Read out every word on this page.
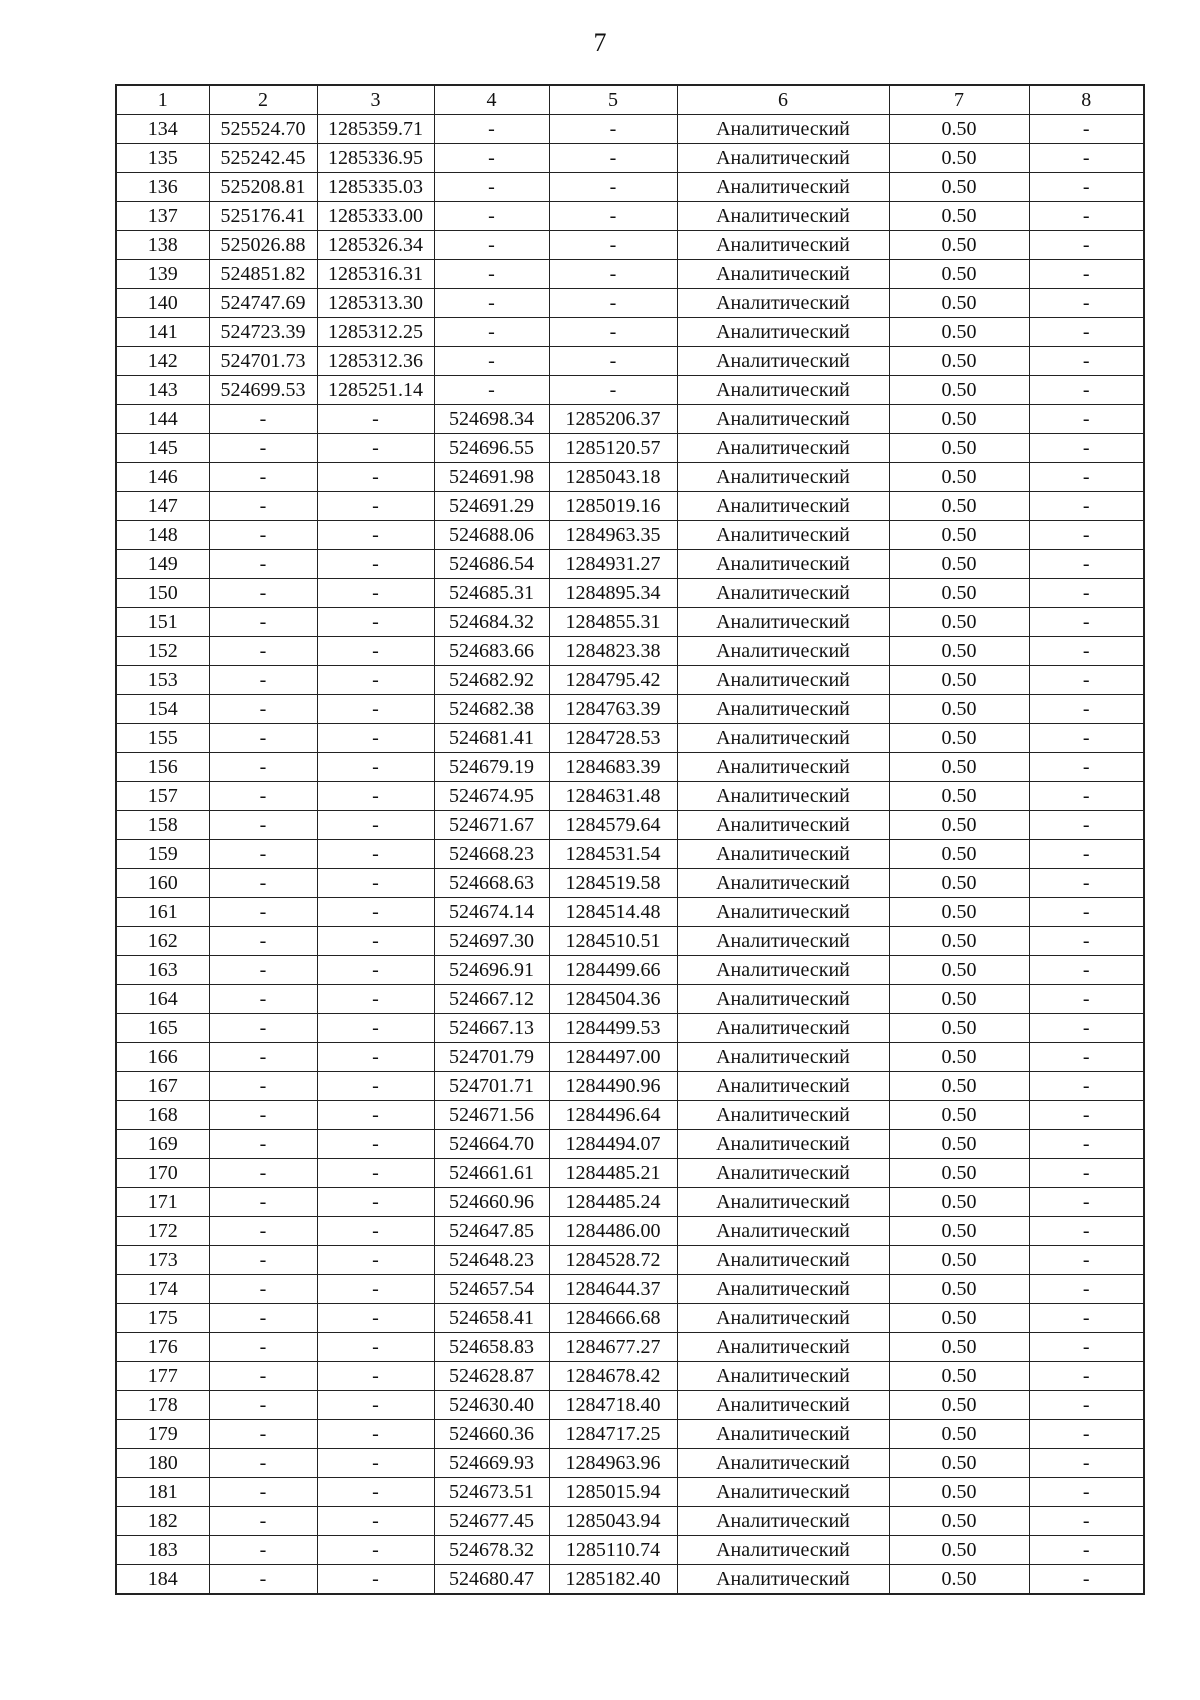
7
1	2	3	4	5	6	7	8
134	525524.70	1285359.71	-	-	Аналитический	0.50	-
135	525242.45	1285336.95	-	-	Аналитический	0.50	-
136	525208.81	1285335.03	-	-	Аналитический	0.50	-
137	525176.41	1285333.00	-	-	Аналитический	0.50	-
138	525026.88	1285326.34	-	-	Аналитический	0.50	-
139	524851.82	1285316.31	-	-	Аналитический	0.50	-
140	524747.69	1285313.30	-	-	Аналитический	0.50	-
141	524723.39	1285312.25	-	-	Аналитический	0.50	-
142	524701.73	1285312.36	-	-	Аналитический	0.50	-
143	524699.53	1285251.14	-	-	Аналитический	0.50	-
144	-	-	524698.34	1285206.37	Аналитический	0.50	-
145	-	-	524696.55	1285120.57	Аналитический	0.50	-
146	-	-	524691.98	1285043.18	Аналитический	0.50	-
147	-	-	524691.29	1285019.16	Аналитический	0.50	-
148	-	-	524688.06	1284963.35	Аналитический	0.50	-
149	-	-	524686.54	1284931.27	Аналитический	0.50	-
150	-	-	524685.31	1284895.34	Аналитический	0.50	-
151	-	-	524684.32	1284855.31	Аналитический	0.50	-
152	-	-	524683.66	1284823.38	Аналитический	0.50	-
153	-	-	524682.92	1284795.42	Аналитический	0.50	-
154	-	-	524682.38	1284763.39	Аналитический	0.50	-
155	-	-	524681.41	1284728.53	Аналитический	0.50	-
156	-	-	524679.19	1284683.39	Аналитический	0.50	-
157	-	-	524674.95	1284631.48	Аналитический	0.50	-
158	-	-	524671.67	1284579.64	Аналитический	0.50	-
159	-	-	524668.23	1284531.54	Аналитический	0.50	-
160	-	-	524668.63	1284519.58	Аналитический	0.50	-
161	-	-	524674.14	1284514.48	Аналитический	0.50	-
162	-	-	524697.30	1284510.51	Аналитический	0.50	-
163	-	-	524696.91	1284499.66	Аналитический	0.50	-
164	-	-	524667.12	1284504.36	Аналитический	0.50	-
165	-	-	524667.13	1284499.53	Аналитический	0.50	-
166	-	-	524701.79	1284497.00	Аналитический	0.50	-
167	-	-	524701.71	1284490.96	Аналитический	0.50	-
168	-	-	524671.56	1284496.64	Аналитический	0.50	-
169	-	-	524664.70	1284494.07	Аналитический	0.50	-
170	-	-	524661.61	1284485.21	Аналитический	0.50	-
171	-	-	524660.96	1284485.24	Аналитический	0.50	-
172	-	-	524647.85	1284486.00	Аналитический	0.50	-
173	-	-	524648.23	1284528.72	Аналитический	0.50	-
174	-	-	524657.54	1284644.37	Аналитический	0.50	-
175	-	-	524658.41	1284666.68	Аналитический	0.50	-
176	-	-	524658.83	1284677.27	Аналитический	0.50	-
177	-	-	524628.87	1284678.42	Аналитический	0.50	-
178	-	-	524630.40	1284718.40	Аналитический	0.50	-
179	-	-	524660.36	1284717.25	Аналитический	0.50	-
180	-	-	524669.93	1284963.96	Аналитический	0.50	-
181	-	-	524673.51	1285015.94	Аналитический	0.50	-
182	-	-	524677.45	1285043.94	Аналитический	0.50	-
183	-	-	524678.32	1285110.74	Аналитический	0.50	-
184	-	-	524680.47	1285182.40	Аналитический	0.50	-
